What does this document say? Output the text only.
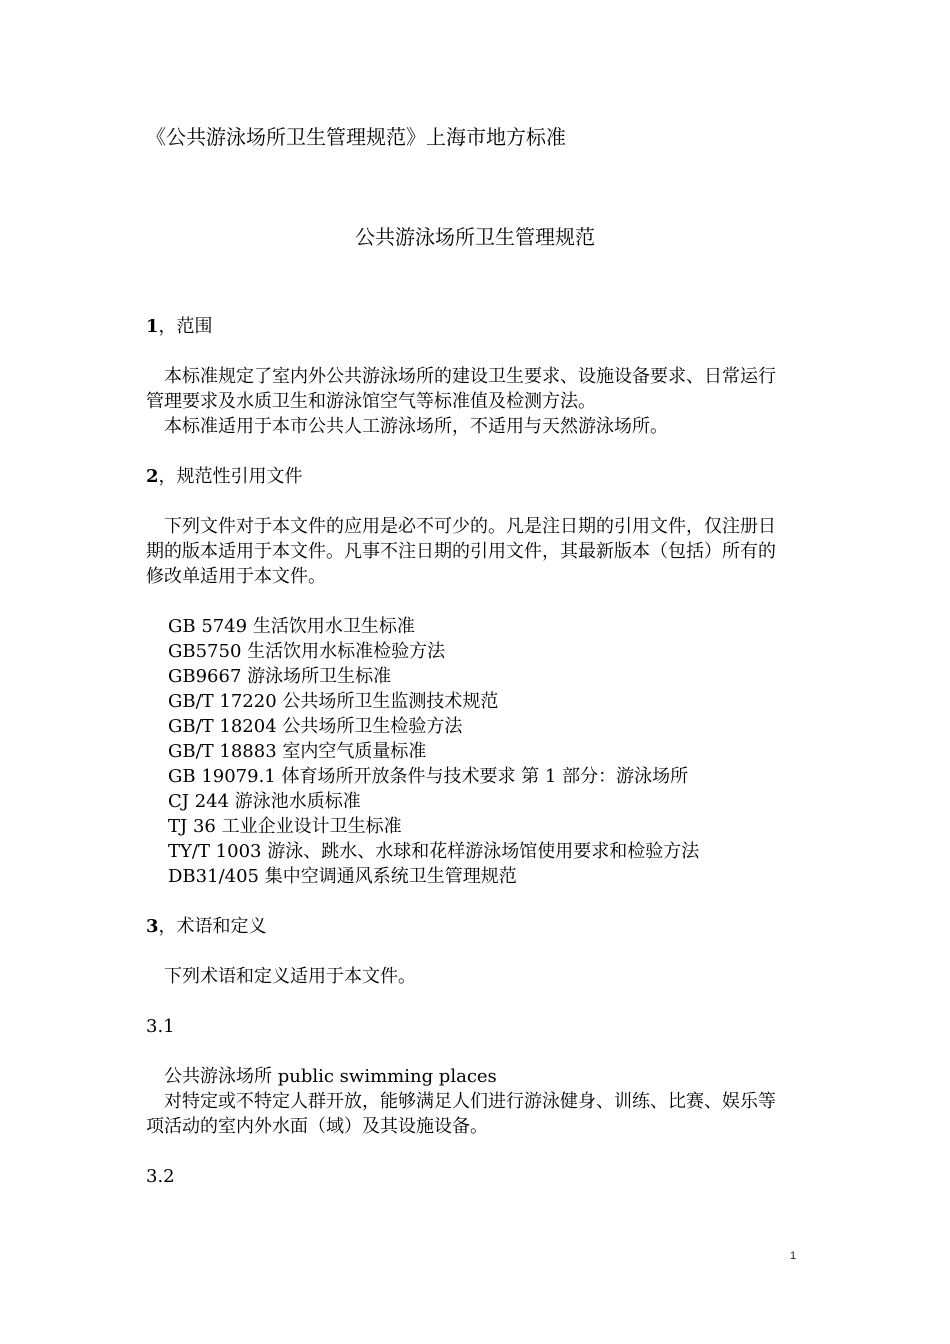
《公共游泳场所卫生管理规范》上海市地方标准
公共游泳场所卫生管理规范
1，范围
　本标准规定了室内外公共游泳场所的建设卫生要求、设施设备要求、日常运行
管理要求及水质卫生和游泳馆空气等标准值及检测方法。
　本标准适用于本市公共人工游泳场所，不适用与天然游泳场所。
2，规范性引用文件
　下列文件对于本文件的应用是必不可少的。凡是注日期的引用文件，仅注册日
期的版本适用于本文件。凡事不注日期的引用文件，其最新版本（包括）所有的
修改单适用于本文件。
GB 5749 生活饮用水卫生标准
GB5750 生活饮用水标准检验方法
GB9667 游泳场所卫生标准
GB/T 17220 公共场所卫生监测技术规范
GB/T 18204 公共场所卫生检验方法
GB/T 18883 室内空气质量标准
GB 19079.1 体育场所开放条件与技术要求 第 1 部分：游泳场所
CJ 244 游泳池水质标准
TJ 36 工业企业设计卫生标准
TY/T 1003 游泳、跳水、水球和花样游泳场馆使用要求和检验方法
DB31/405 集中空调通风系统卫生管理规范
3，术语和定义
　下列术语和定义适用于本文件。
3.1
　公共游泳场所 public swimming places
　对特定或不特定人群开放，能够满足人们进行游泳健身、训练、比赛、娱乐等
项活动的室内外水面（域）及其设施设备。
3.2
1
